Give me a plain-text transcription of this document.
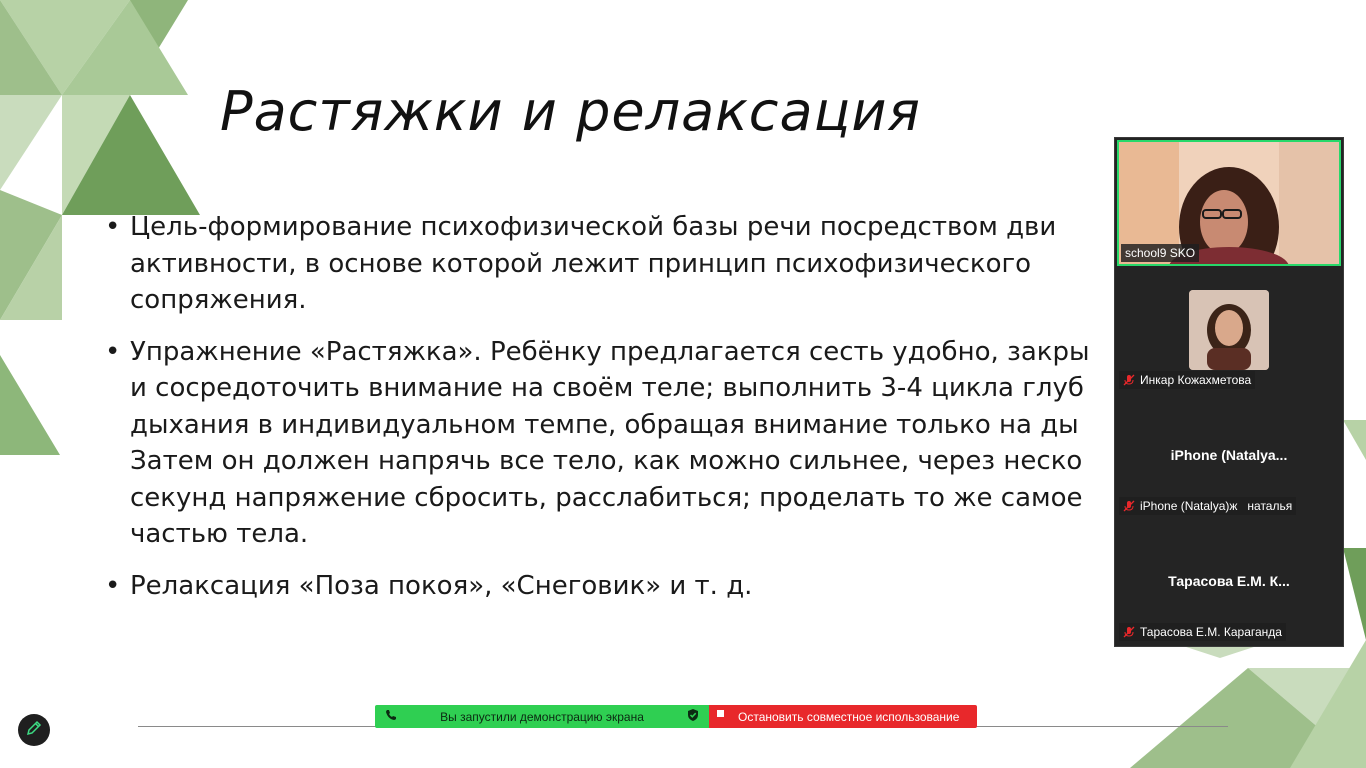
Растяжки и релаксация
• Цель-формирование психофизической базы речи посредством дви
активности, в основе которой лежит принцип психофизического
сопряжения.
• Упражнение «Растяжка». Ребёнку предлагается сесть удобно, закры
и сосредоточить внимание на своём теле; выполнить 3-4 цикла глуб
дыхания в индивидуальном темпе, обращая внимание только на ды
Затем он должен напрячь все тело, как можно сильнее, через неско
секунд напряжение сбросить, расслабиться; проделать то же самое
частью тела.
• Релаксация «Поза покоя», «Снеговик» и т. д.
Вы запустили демонстрацию экрана	Остановить совместное использование
school9 SKO
Инкар Кожахметова
iPhone (Natalya...
iPhone (Natalya)ж   наталья
Тарасова Е.М. К...
Тарасова Е.М. Караганда
